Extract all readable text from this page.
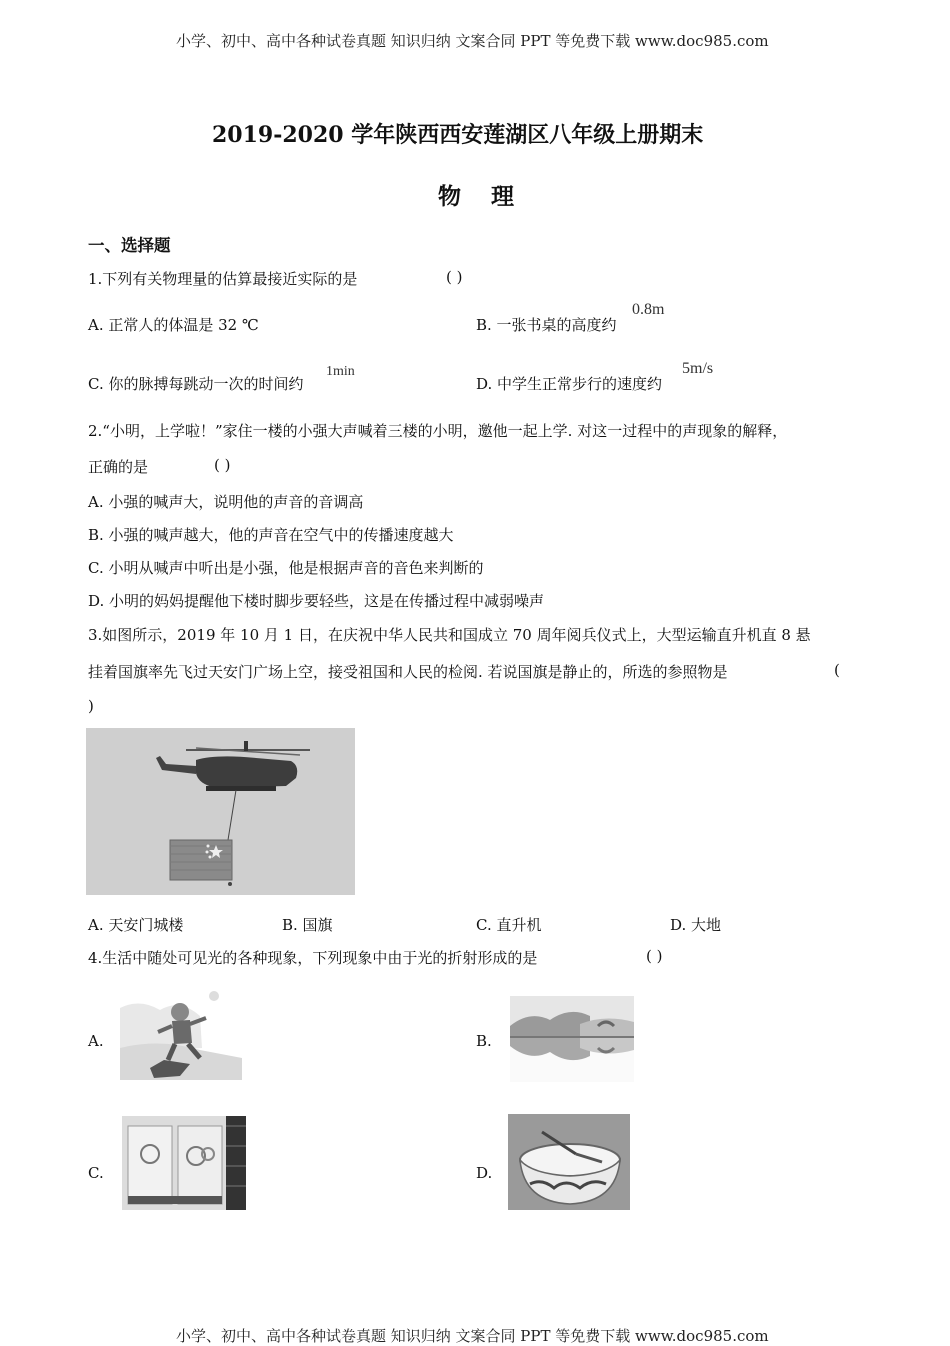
小学、初中、高中各种试卷真题 知识归纳 文案合同 PPT 等免费下载 www.doc985.com
2019-2020 学年陕西西安莲湖区八年级上册期末
物理
一、选择题
1.下列有关物理量的估算最接近实际的是	( )
A. 正常人的体温是 32 ℃	B. 一张书桌的高度约
0.8m
C. 你的脉搏每跳动一次的时间约
1min
D. 中学生正常步行的速度约
5m/s
2.“小明，上学啦！”家住一楼的小强大声喊着三楼的小明，邀他一起上学. 对这一过程中的声现象的解释，
正确的是	( )
A. 小强的喊声大，说明他的声音的音调高
B. 小强的喊声越大，他的声音在空气中的传播速度越大
C. 小明从喊声中听出是小强，他是根据声音的音色来判断的
D. 小明的妈妈提醒他下楼时脚步要轻些，这是在传播过程中减弱噪声
3.如图所示，2019 年 10 月 1 日，在庆祝中华人民共和国成立 70 周年阅兵仪式上，大型运输直升机直 8 悬
挂着国旗率先飞过天安门广场上空，接受祖国和人民的检阅. 若说国旗是静止的，所选的参照物是	(
)
A. 天安门城楼	B. 国旗	C. 直升机	D. 大地
4.生活中随处可见光的各种现象，下列现象中由于光的折射形成的是	( )
A.	B.
C.	D.
小学、初中、高中各种试卷真题 知识归纳 文案合同 PPT 等免费下载 www.doc985.com
